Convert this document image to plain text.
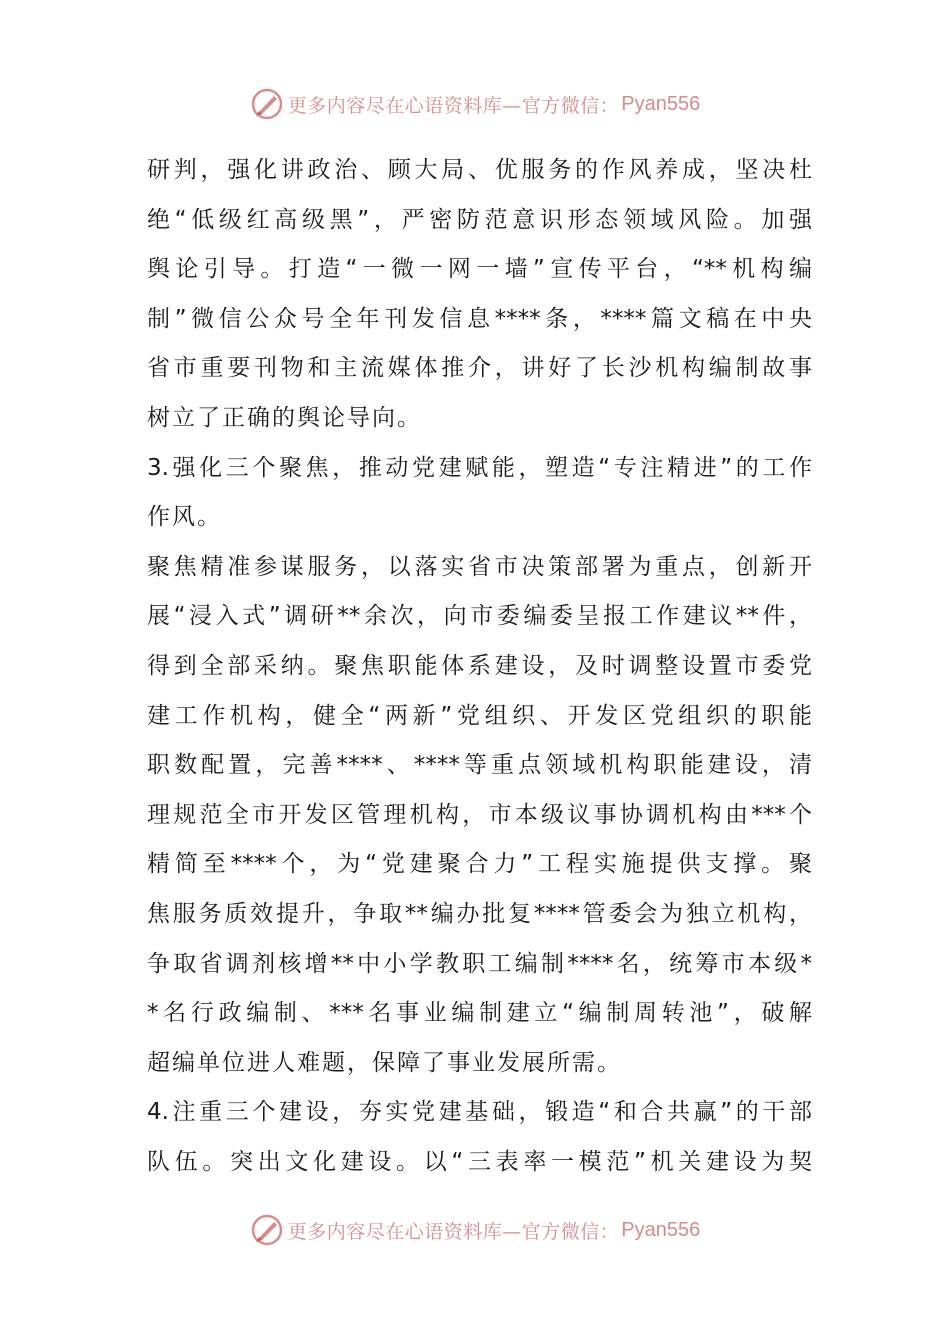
更多内容尽在心语资料库—官方微信： Pyan556
研判，强化讲政治、顾大局、优服务的作风养成，坚决杜
绝“低级红高级黑”，严密防范意识形态领域风险。加强
舆论引导。打造“一微一网一墙”宣传平台，“**机构编
制”微信公众号全年刊发信息****条，****篇文稿在中央
省市重要刊物和主流媒体推介，讲好了长沙机构编制故事
树立了正确的舆论导向。
3.强化三个聚焦，推动党建赋能，塑造“专注精进”的工作
作风。
聚焦精准参谋服务，以落实省市决策部署为重点，创新开
展“浸入式”调研**余次，向市委编委呈报工作建议**件，
得到全部采纳。聚焦职能体系建设，及时调整设置市委党
建工作机构，健全“两新”党组织、开发区党组织的职能
职数配置，完善****、****等重点领域机构职能建设，清
理规范全市开发区管理机构，市本级议事协调机构由***个
精简至****个，为“党建聚合力”工程实施提供支撑。聚
焦服务质效提升，争取**编办批复****管委会为独立机构，
争取省调剂核增**中小学教职工编制****名，统筹市本级*
*名行政编制、***名事业编制建立“编制周转池”，破解
超编单位进人难题，保障了事业发展所需。
4.注重三个建设，夯实党建基础，锻造“和合共赢”的干部
队伍。突出文化建设。以“三表率一模范”机关建设为契
更多内容尽在心语资料库—官方微信： Pyan556
